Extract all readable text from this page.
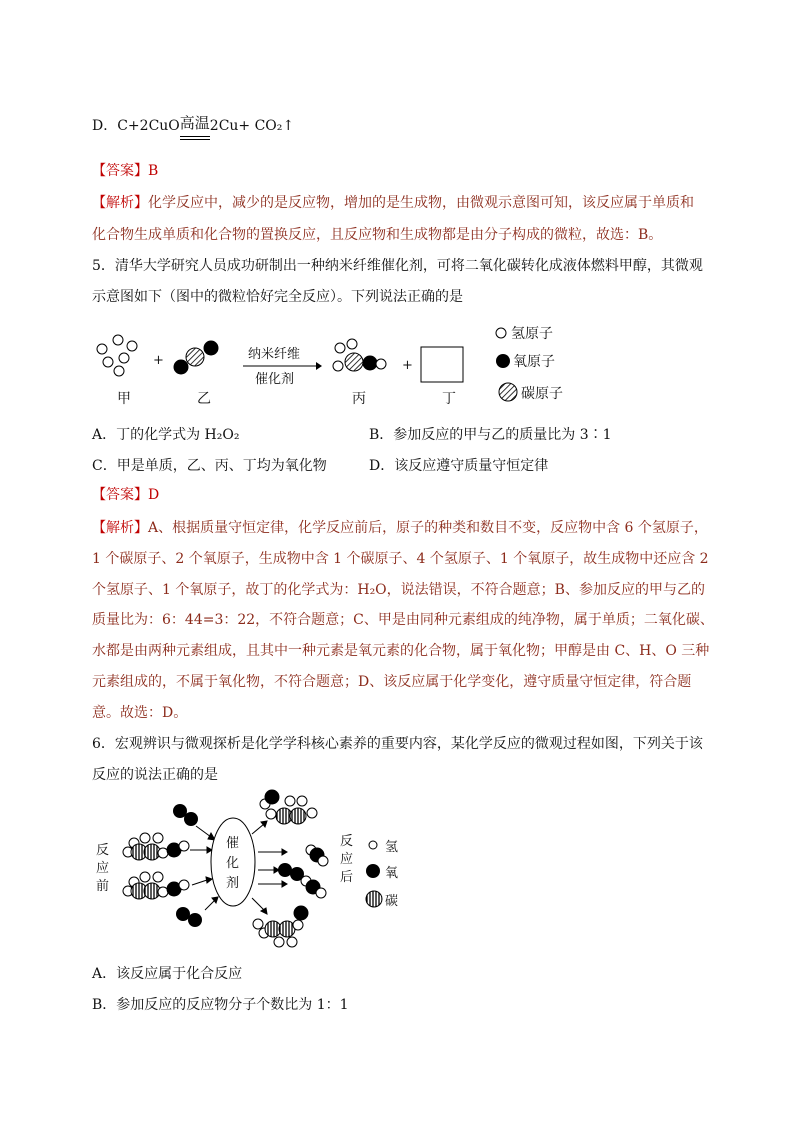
D．C+2CuO 高温 2Cu+ CO₂↑
【答案】B
【解析】化学反应中，减少的是反应物，增加的是生成物，由微观示意图可知，该反应属于单质和
化合物生成单质和化合物的置换反应，且反应物和生成物都是由分子构成的微粒，故选：B。
5．清华大学研究人员成功研制出一种纳米纤维催化剂，可将二氧化碳转化成液体燃料甲醇，其微观
示意图如下（图中的微粒恰好完全反应）。下列说法正确的是
+	+
纳米纤维
催化剂
甲	乙	丙	丁
氢原子
氧原子
碳原子
A．丁的化学式为 H₂O₂	B．参加反应的甲与乙的质量比为 3∶1
C．甲是单质，乙、丙、丁均为氧化物	D．该反应遵守质量守恒定律
【答案】D
【解析】A、根据质量守恒定律，化学反应前后，原子的种类和数目不变，反应物中含 6 个氢原子，
1 个碳原子、2 个氧原子，生成物中含 1 个碳原子、4 个氢原子、1 个氧原子，故生成物中还应含 2
个氢原子、1 个氧原子，故丁的化学式为：H₂O，说法错误，不符合题意；B、参加反应的甲与乙的
质量比为：6：44=3：22，不符合题意；C、甲是由同种元素组成的纯净物，属于单质；二氧化碳、
水都是由两种元素组成，且其中一种元素是氧元素的化合物，属于氧化物；甲醇是由 C、H、O 三种
元素组成的，不属于氧化物，不符合题意；D、该反应属于化学变化，遵守质量守恒定律，符合题
意。故选：D。
6．宏观辨识与微观探析是化学学科核心素养的重要内容，某化学反应的微观过程如图，下列关于该
反应的说法正确的是
反
应
前
催
化
剂
反
应
后
氢
氧
碳
A．该反应属于化合反应
B．参加反应的反应物分子个数比为 1：1
